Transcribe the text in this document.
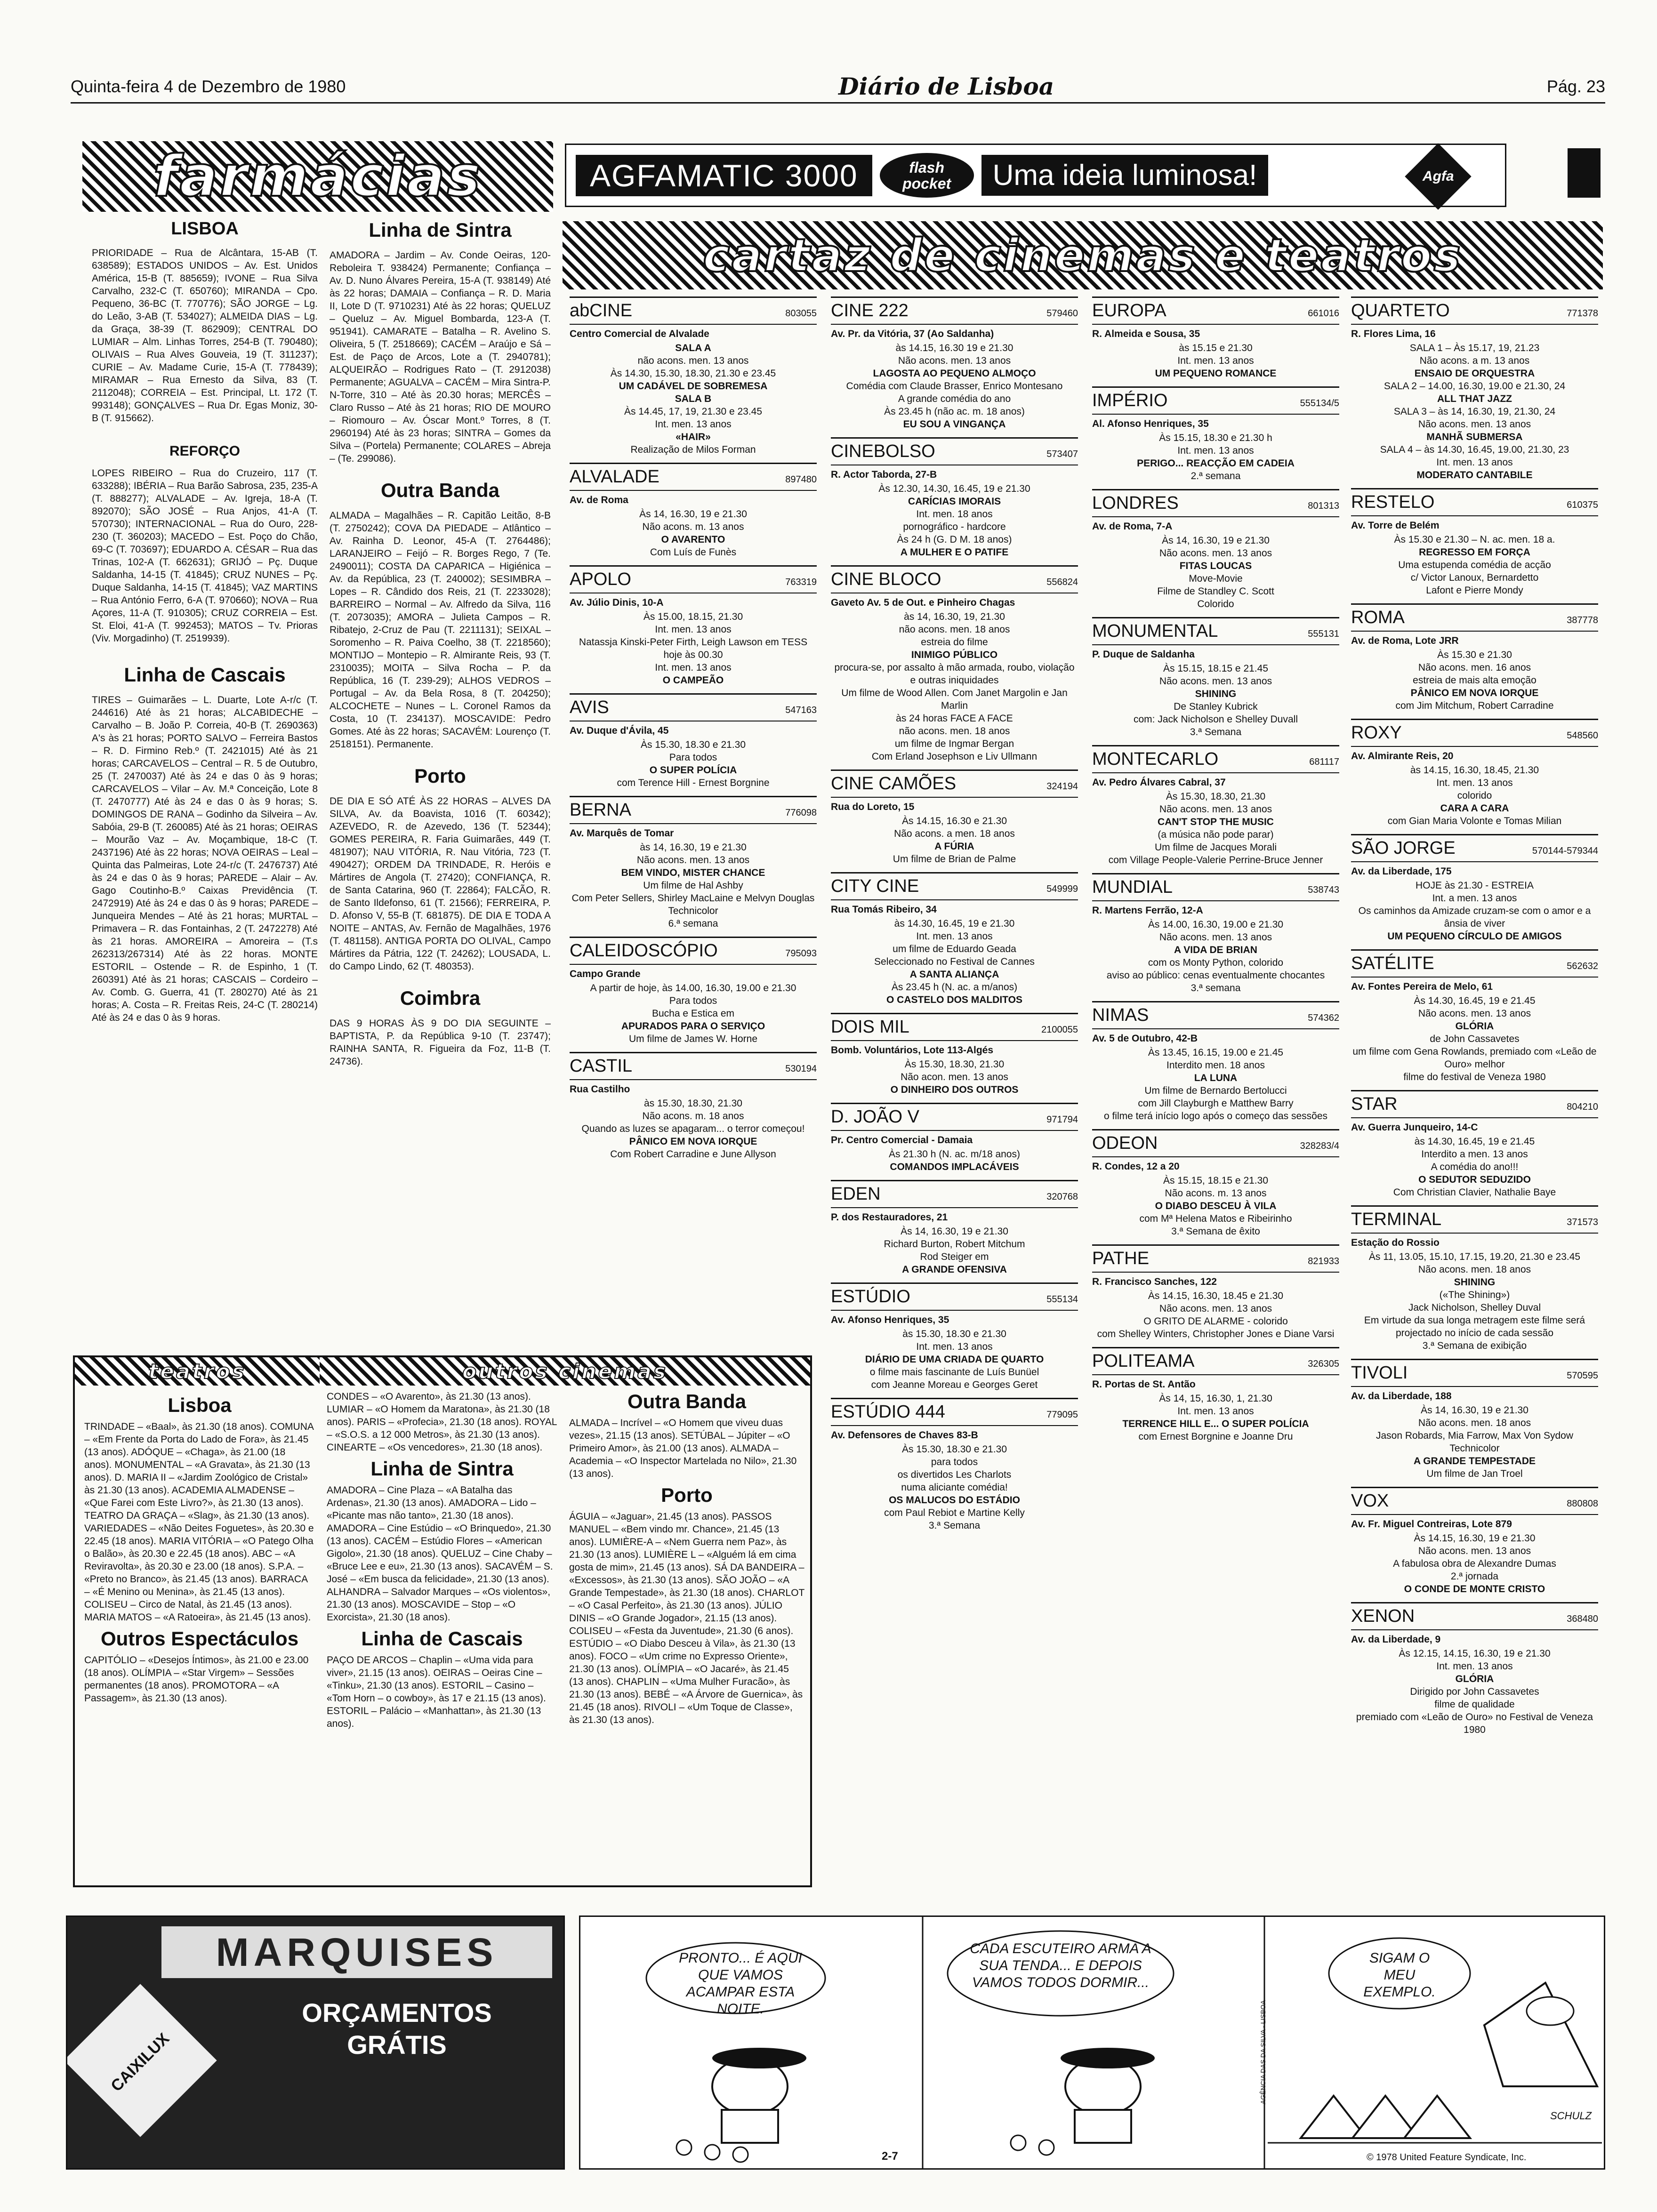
Quinta-feira 4 de Dezembro de 1980	Diário de Lisboa	Pág. 23
farmácias
LISBOA
PRIORIDADE – Rua de Alcântara, 15-AB (T. 638589); ESTADOS UNIDOS – Av. Est. Unidos América, 15-B (T. 885659); IVONE – Rua Silva Carvalho, 232-C (T. 650760); MIRANDA – Cpo. Pequeno, 36-BC (T. 770776); SÃO JORGE – Lg. do Leão, 3-AB (T. 534027); ALMEIDA DIAS – Lg. da Graça, 38-39 (T. 862909); CENTRAL DO LUMIAR – Alm. Linhas Torres, 254-B (T. 790480); OLIVAIS – Rua Alves Gouveia, 19 (T. 311237); CURIE – Av. Madame Curie, 15-A (T. 778439); MIRAMAR – Rua Ernesto da Silva, 83 (T. 2112048); CORREIA – Est. Principal, Lt. 172 (T. 993148); GONÇALVES – Rua Dr. Egas Moniz, 30-B (T. 915662).
REFORÇO
LOPES RIBEIRO – Rua do Cruzeiro, 117 (T. 633288); IBÉRIA – Rua Barão Sabrosa, 235, 235-A (T. 888277); ALVALADE – Av. Igreja, 18-A (T. 892070); SÃO JOSÉ – Rua Anjos, 41-A (T. 570730); INTERNACIONAL – Rua do Ouro, 228-230 (T. 360203); MACEDO – Est. Poço do Chão, 69-C (T. 703697); EDUARDO A. CÉSAR – Rua das Trinas, 102-A (T. 662631); GRIJÓ – Pç. Duque Saldanha, 14-15 (T. 41845); CRUZ NUNES – Pç. Duque Saldanha, 14-15 (T. 41845); VAZ MARTINS – Rua António Ferro, 6-A (T. 970660); NOVA – Rua Açores, 11-A (T. 910305); CRUZ CORREIA – Est. St. Eloi, 41-A (T. 992453); MATOS – Tv. Prioras (Viv. Morgadinho) (T. 2519939).
Linha de Cascais
TIRES – Guimarães – L. Duarte, Lote A-r/c (T. 244616) Até às 21 horas; ALCABIDECHE – Carvalho – B. João P. Correia, 40-B (T. 2690363) A's às 21 horas; PORTO SALVO – Ferreira Bastos – R. D. Firmino Reb.º (T. 2421015) Até às 21 horas; CARCAVELOS – Central – R. 5 de Outubro, 25 (T. 2470037) Até às 24 e das 0 às 9 horas; CARCAVELOS – Vilar – Av. M.ª Conceição, Lote 8 (T. 2470777) Até às 24 e das 0 às 9 horas; S. DOMINGOS DE RANA – Godinho da Silveira – Av. Sabóia, 29-B (T. 260085) Até às 21 horas; OEIRAS – Mourão Vaz – Av. Moçambique, 18-C (T. 2437196) Até às 22 horas; NOVA OEIRAS – Leal – Quinta das Palmeiras, Lote 24-r/c (T. 2476737) Até às 24 e das 0 às 9 horas; PAREDE – Alair – Av. Gago Coutinho-B.º Caixas Previdência (T. 2472919) Até às 24 e das 0 às 9 horas; PAREDE – Junqueira Mendes – Até às 21 horas; MURTAL – Primavera – R. das Fontainhas, 2 (T. 2472278) Até às 21 horas. AMOREIRA – Amoreira – (T.s 262313/267314) Até às 22 horas. MONTE ESTORIL – Ostende – R. de Espinho, 1 (T. 260391) Até às 21 horas; CASCAIS – Cordeiro – Av. Comb. G. Guerra, 41 (T. 280270) Até às 21 horas; A. Costa – R. Freitas Reis, 24-C (T. 280214) Até às 24 e das 0 às 9 horas.
Linha de Sintra
AMADORA – Jardim – Av. Conde Oeiras, 120-Reboleira T. 938424) Permanente; Confiança – Av. D. Nuno Álvares Pereira, 15-A (T. 938149) Até às 22 horas; DAMAIA – Confiança – R. D. Maria II, Lote D (T. 9710231) Até às 22 horas; QUELUZ – Queluz – Av. Miguel Bombarda, 123-A (T. 951941). CAMARATE – Batalha – R. Avelino S. Oliveira, 5 (T. 2518669); CACÉM – Araújo e Sá – Est. de Paço de Arcos, Lote a (T. 2940781); ALQUEIRÃO – Rodrigues Rato – (T. 2912038) Permanente; AGUALVA – CACÉM – Mira Sintra-P. N-Torre, 310 – Até às 20.30 horas; MERCÊS – Claro Russo – Até às 21 horas; RIO DE MOURO – Riomouro – Av. Óscar Mont.º Torres, 8 (T. 2960194) Até às 23 horas; SINTRA – Gomes da Silva – (Portela) Permanente; COLARES – Abreja – (Te. 299086).
Outra Banda
ALMADA – Magalhães – R. Capitão Leitão, 8-B (T. 2750242); COVA DA PIEDADE – Atlântico – Av. Rainha D. Leonor, 45-A (T. 2764486); LARANJEIRO – Feijó – R. Borges Rego, 7 (Te. 2490011); COSTA DA CAPARICA – Higiénica – Av. da República, 23 (T. 240002); SESIMBRA – Lopes – R. Cândido dos Reis, 21 (T. 2233028); BARREIRO – Normal – Av. Alfredo da Silva, 116 (T. 2073035); AMORA – Julieta Campos – R. Ribatejo, 2-Cruz de Pau (T. 2211131); SEIXAL – Soromenho – R. Paiva Coelho, 38 (T. 2218560); MONTIJO – Montepio – R. Almirante Reis, 93 (T. 2310035); MOITA – Silva Rocha – P. da República, 16 (T. 239-29); ALHOS VEDROS – Portugal – Av. da Bela Rosa, 8 (T. 204250); ALCOCHETE – Nunes – L. Coronel Ramos da Costa, 10 (T. 234137). MOSCAVIDE: Pedro Gomes. Até às 22 horas; SACAVÉM: Lourenço (T. 2518151). Permanente.
Porto
DE DIA E SÓ ATÉ ÀS 22 HORAS – ALVES DA SILVA, Av. da Boavista, 1016 (T. 60342); AZEVEDO, R. de Azevedo, 136 (T. 52344); GOMES PEREIRA, R. Faria Guimarães, 449 (T. 481907); NAU VITÓRIA, R. Nau Vitória, 723 (T. 490427); ORDEM DA TRINDADE, R. Heróis e Mártires de Angola (T. 27420); CONFIANÇA, R. de Santa Catarina, 960 (T. 22864); FALCÃO, R. de Santo Ildefonso, 61 (T. 21566); FERREIRA, P. D. Afonso V, 55-B (T. 681875). DE DIA E TODA A NOITE – ANTAS, Av. Fernão de Magalhães, 1976 (T. 481158). ANTIGA PORTA DO OLIVAL, Campo Mártires da Pátria, 122 (T. 24262); LOUSADA, L. do Campo Lindo, 62 (T. 480353).
Coimbra
DAS 9 HORAS ÀS 9 DO DIA SEGUINTE – BAPTISTA, P. da República 9-10 (T. 23747); RAINHA SANTA, R. Figueira da Foz, 11-B (T. 24736).
AGFAMATIC 3000	flash
pocket	Uma ideia luminosa!	Agfa
cartaz de cinemas e teatros
abCINE	803055
Centro Comercial de Alvalade
SALA A
não acons. men. 13 anos
Às 14.30, 15.30, 18.30, 21.30 e 23.45
UM CADÁVEL DE SOBREMESA
SALA B
Às 14.45, 17, 19, 21.30 e 23.45
Int. men. 13 anos
«HAIR»
Realização de Milos Forman
ALVALADE	897480
Av. de Roma
Às 14, 16.30, 19 e 21.30
Não acons. m. 13 anos
O AVARENTO
Com Luís de Funès
APOLO	763319
Av. Júlio Dinis, 10-A
Às 15.00, 18.15, 21.30
Int. men. 13 anos
Natassja Kinski-Peter Firth, Leigh Lawson em TESS
hoje às 00.30
Int. men. 13 anos
O CAMPEÃO
AVIS	547163
Av. Duque d'Ávila, 45
Às 15.30, 18.30 e 21.30
Para todos
O SUPER POLÍCIA
com Terence Hill - Ernest Borgnine
BERNA	776098
Av. Marquês de Tomar
às 14, 16.30, 19 e 21.30
Não acons. men. 13 anos
BEM VINDO, MISTER CHANCE
Um filme de Hal Ashby
Com Peter Sellers, Shirley MacLaine e Melvyn Douglas
Technicolor
6.ª semana
CALEIDOSCÓPIO	795093
Campo Grande
A partir de hoje, às 14.00, 16.30, 19.00 e 21.30
Para todos
Bucha e Estica em
APURADOS PARA O SERVIÇO
Um filme de James W. Horne
CASTIL	530194
Rua Castilho
às 15.30, 18.30, 21.30
Não acons. m. 18 anos
Quando as luzes se apagaram... o terror começou!
PÂNICO EM NOVA IORQUE
Com Robert Carradine e June Allyson
CINE 222	579460
Av. Pr. da Vitória, 37 (Ao Saldanha)
às 14.15, 16.30 19 e 21.30
Não acons. men. 13 anos
LAGOSTA AO PEQUENO ALMOÇO
Comédia com Claude Brasser, Enrico Montesano
A grande comédia do ano
Às 23.45 h (não ac. m. 18 anos)
EU SOU A VINGANÇA
CINEBOLSO	573407
R. Actor Taborda, 27-B
Às 12.30, 14.30, 16.45, 19 e 21.30
CARÍCIAS IMORAIS
Int. men. 18 anos
pornográfico - hardcore
Às 24 h (G. D M. 18 anos)
A MULHER E O PATIFE
CINE BLOCO	556824
Gaveto Av. 5 de Out. e Pinheiro Chagas
às 14, 16.30, 19, 21.30
não acons. men. 18 anos
estreia do filme
INIMIGO PÚBLICO
procura-se, por assalto à mão armada, roubo, violação e outras iniquidades
Um filme de Wood Allen. Com Janet Margolin e Jan Marlin
às 24 horas FACE A FACE
não acons. men. 18 anos
um filme de Ingmar Bergan
Com Erland Josephson e Liv Ullmann
CINE CAMÕES	324194
Rua do Loreto, 15
Às 14.15, 16.30 e 21.30
Não acons. a men. 18 anos
A FÚRIA
Um filme de Brian de Palme
CITY CINE	549999
Rua Tomás Ribeiro, 34
às 14.30, 16.45, 19 e 21.30
Int. men. 13 anos
um filme de Eduardo Geada
Seleccionado no Festival de Cannes
A SANTA ALIANÇA
Às 23.45 h (N. ac. a m/anos)
O CASTELO DOS MALDITOS
DOIS MIL	2100055
Bomb. Voluntários, Lote 113-Algés
Às 15.30, 18.30, 21.30
Não acon. men. 13 anos
O DINHEIRO DOS OUTROS
D. JOÃO V	971794
Pr. Centro Comercial - Damaia
Às 21.30 h (N. ac. m/18 anos)
COMANDOS IMPLACÁVEIS
EDEN	320768
P. dos Restauradores, 21
Às 14, 16.30, 19 e 21.30
Richard Burton, Robert Mitchum
Rod Steiger em
A GRANDE OFENSIVA
ESTÚDIO	555134
Av. Afonso Henriques, 35
às 15.30, 18.30 e 21.30
Int. men. 13 anos
DIÁRIO DE UMA CRIADA DE QUARTO
o filme mais fascinante de Luís Bunüel
com Jeanne Moreau e Georges Geret
ESTÚDIO 444	779095
Av. Defensores de Chaves 83-B
Às 15.30, 18.30 e 21.30
para todos
os divertidos Les Charlots
numa aliciante comédia!
OS MALUCOS DO ESTÁDIO
com Paul Rebiot e Martine Kelly
3.ª Semana
EUROPA	661016
R. Almeida e Sousa, 35
às 15.15 e 21.30
Int. men. 13 anos
UM PEQUENO ROMANCE
IMPÉRIO	555134/5
Al. Afonso Henriques, 35
Às 15.15, 18.30 e 21.30 h
Int. men. 13 anos
PERIGO... REACÇÃO EM CADEIA
2.ª semana
LONDRES	801313
Av. de Roma, 7-A
Às 14, 16.30, 19 e 21.30
Não acons. men. 13 anos
FITAS LOUCAS
Move-Movie
Filme de Standley C. Scott
Colorido
MONUMENTAL	555131
P. Duque de Saldanha
Às 15.15, 18.15 e 21.45
Não acons. men. 13 anos
SHINING
De Stanley Kubrick
com: Jack Nicholson e Shelley Duvall
3.ª Semana
MONTECARLO	681117
Av. Pedro Álvares Cabral, 37
Às 15.30, 18.30, 21.30
Não acons. men. 13 anos
CAN'T STOP THE MUSIC
(a música não pode parar)
Um filme de Jacques Morali
com Village People-Valerie Perrine-Bruce Jenner
MUNDIAL	538743
R. Martens Ferrão, 12-A
Às 14.00, 16.30, 19.00 e 21.30
Não acons. men. 13 anos
A VIDA DE BRIAN
com os Monty Python, colorido
aviso ao público: cenas eventualmente chocantes
3.ª semana
NIMAS	574362
Av. 5 de Outubro, 42-B
Às 13.45, 16.15, 19.00 e 21.45
Interdito men. 18 anos
LA LUNA
Um filme de Bernardo Bertolucci
com Jill Clayburgh e Matthew Barry
o filme terá início logo após o começo das sessões
ODEON	328283/4
R. Condes, 12 a 20
Às 15.15, 18.15 e 21.30
Não acons. m. 13 anos
O DIABO DESCEU À VILA
com Mª Helena Matos e Ribeirinho
3.ª Semana de êxito
PATHE	821933
R. Francisco Sanches, 122
Às 14.15, 16.30, 18.45 e 21.30
Não acons. men. 13 anos
O GRITO DE ALARME - colorido
com Shelley Winters, Christopher Jones e Diane Varsi
POLITEAMA	326305
R. Portas de St. Antão
Às 14, 15, 16.30, 1, 21.30
Int. men. 13 anos
TERRENCE HILL E... O SUPER POLÍCIA
com Ernest Borgnine e Joanne Dru
QUARTETO	771378
R. Flores Lima, 16
SALA 1 – Às 15.17, 19, 21.23
Não acons. a m. 13 anos
ENSAIO DE ORQUESTRA
SALA 2 – 14.00, 16.30, 19.00 e 21.30, 24
ALL THAT JAZZ
SALA 3 – às 14, 16.30, 19, 21.30, 24
Não acons. men. 13 anos
MANHÃ SUBMERSA
SALA 4 – às 14.30, 16.45, 19.00, 21.30, 23
Int. men. 13 anos
MODERATO CANTABILE
RESTELO	610375
Av. Torre de Belém
Às 15.30 e 21.30 – N. ac. men. 18 a.
REGRESSO EM FORÇA
Uma estupenda comédia de acção
c/ Victor Lanoux, Bernardetto
Lafont e Pierre Mondy
ROMA	387778
Av. de Roma, Lote JRR
Às 15.30 e 21.30
Não acons. men. 16 anos
estreia de mais alta emoção
PÂNICO EM NOVA IORQUE
com Jim Mitchum, Robert Carradine
ROXY	548560
Av. Almirante Reis, 20
às 14.15, 16.30, 18.45, 21.30
Int. men. 13 anos
colorido
CARA A CARA
com Gian Maria Volonte e Tomas Milian
SÃO JORGE	570144-579344
Av. da Liberdade, 175
HOJE às 21.30 - ESTREIA
Int. a men. 13 anos
Os caminhos da Amizade cruzam-se com o amor e a ânsia de viver
UM PEQUENO CÍRCULO DE AMIGOS
SATÉLITE	562632
Av. Fontes Pereira de Melo, 61
Às 14.30, 16.45, 19 e 21.45
Não acons. men. 13 anos
GLÓRIA
de John Cassavetes
um filme com Gena Rowlands, premiado com «Leão de Ouro» melhor
filme do festival de Veneza 1980
STAR	804210
Av. Guerra Junqueiro, 14-C
às 14.30, 16.45, 19 e 21.45
Interdito a men. 13 anos
A comédia do ano!!!
O SEDUTOR SEDUZIDO
Com Christian Clavier, Nathalie Baye
TERMINAL	371573
Estação do Rossio
Às 11, 13.05, 15.10, 17.15, 19.20, 21.30 e 23.45
Não acons. men. 18 anos
SHINING
(«The Shining»)
Jack Nicholson, Shelley Duval
Em virtude da sua longa metragem este filme será projectado no início de cada sessão
3.ª Semana de exibição
TIVOLI	570595
Av. da Liberdade, 188
Às 14, 16.30, 19 e 21.30
Não acons. men. 18 anos
Jason Robards, Mia Farrow, Max Von Sydow
Technicolor
A GRANDE TEMPESTADE
Um filme de Jan Troel
VOX	880808
Av. Fr. Miguel Contreiras, Lote 879
Às 14.15, 16.30, 19 e 21.30
Não acons. men. 13 anos
A fabulosa obra de Alexandre Dumas
2.ª jornada
O CONDE DE MONTE CRISTO
XENON	368480
Av. da Liberdade, 9
Às 12.15, 14.15, 16.30, 19 e 21.30
Int. men. 13 anos
GLÓRIA
Dirigido por John Cassavetes
filme de qualidade
premiado com «Leão de Ouro» no Festival de Veneza 1980
teatros	outros cinemas
Lisboa
TRINDADE – «Baal», às 21.30 (18 anos). COMUNA – «Em Frente da Porta do Lado de Fora», às 21.45 (13 anos). ADÓQUE – «Chaga», às 21.00 (18 anos). MONUMENTAL – «A Gravata», às 21.30 (13 anos). D. MARIA II – «Jardim Zoológico de Cristal» às 21.30 (13 anos). ACADEMIA ALMADENSE – «Que Farei com Este Livro?», às 21.30 (13 anos). TEATRO DA GRAÇA – «Slag», às 21.30 (13 anos). VARIEDADES – «Não Deites Foguetes», às 20.30 e 22.45 (18 anos). MARIA VITÓRIA – «O Patego Olha o Balão», às 20.30 e 22.45 (18 anos). ABC – «A Reviravolta», às 20.30 e 23.00 (18 anos). S.P.A. – «Preto no Branco», às 21.45 (13 anos). BARRACA – «É Menino ou Menina», às 21.45 (13 anos). COLISEU – Circo de Natal, às 21.45 (13 anos). MARIA MATOS – «A Ratoeira», às 21.45 (13 anos).
Outros Espectáculos
CAPITÓLIO – «Desejos Íntimos», às 21.00 e 23.00 (18 anos). OLÍMPIA – «Star Virgem» – Sessões permanentes (18 anos). PROMOTORA – «A Passagem», às 21.30 (13 anos).
CONDES – «O Avarento», às 21.30 (13 anos). LUMIAR – «O Homem da Maratona», às 21.30 (18 anos). PARIS – «Profecia», 21.30 (18 anos). ROYAL – «S.O.S. a 12 000 Metros», às 21.30 (13 anos). CINEARTE – «Os vencedores», 21.30 (18 anos).
Linha de Sintra
AMADORA – Cine Plaza – «A Batalha das Ardenas», 21.30 (13 anos). AMADORA – Lido – «Picante mas não tanto», 21.30 (18 anos). AMADORA – Cine Estúdio – «O Brinquedo», 21.30 (13 anos). CACÉM – Estúdio Flores – «American Gigolo», 21.30 (18 anos). QUELUZ – Cine Chaby – «Bruce Lee e eu», 21.30 (13 anos). SACAVÉM – S. José – «Em busca da felicidade», 21.30 (13 anos). ALHANDRA – Salvador Marques – «Os violentos», 21.30 (13 anos). MOSCAVIDE – Stop – «O Exorcista», 21.30 (18 anos).
Linha de Cascais
PAÇO DE ARCOS – Chaplin – «Uma vida para viver», 21.15 (13 anos). OEIRAS – Oeiras Cine – «Tinku», 21.30 (13 anos). ESTORIL – Casino – «Tom Horn – o cowboy», às 17 e 21.15 (13 anos). ESTORIL – Palácio – «Manhattan», às 21.30 (13 anos).
Outra Banda
ALMADA – Incrível – «O Homem que viveu duas vezes», 21.15 (13 anos). SETÚBAL – Júpiter – «O Primeiro Amor», às 21.00 (13 anos). ALMADA – Academia – «O Inspector Martelada no Nilo», 21.30 (13 anos).
Porto
ÁGUIA – «Jaguar», 21.45 (13 anos). PASSOS MANUEL – «Bem vindo mr. Chance», 21.45 (13 anos). LUMIÈRE-A – «Nem Guerra nem Paz», às 21.30 (13 anos). LUMIÈRE L – «Alguém lá em cima gosta de mim», 21.45 (13 anos). SÁ DA BANDEIRA – «Excessos», às 21.30 (13 anos). SÃO JOÃO – «A Grande Tempestade», às 21.30 (18 anos). CHARLOT – «O Casal Perfeito», às 21.30 (13 anos). JÚLIO DINIS – «O Grande Jogador», 21.15 (13 anos). COLISEU – «Festa da Juventude», 21.30 (6 anos). ESTÚDIO – «O Diabo Desceu à Vila», às 21.30 (13 anos). FOCO – «Um crime no Expresso Oriente», 21.30 (13 anos). OLÍMPIA – «O Jacaré», às 21.45 (13 anos). CHAPLIN – «Uma Mulher Furacão», às 21.30 (13 anos). BEBÉ – «A Árvore de Guernica», às 21.45 (18 anos). RIVOLI – «Um Toque de Classe», às 21.30 (13 anos).
MARQUISES
CAIXILUX
ORÇAMENTOS GRÁTIS
PRONTO... É AQUI QUE VAMOS ACAMPAR ESTA NOITE.
CADA ESCUTEIRO ARMA A SUA TENDA... E DEPOIS VAMOS TODOS DORMIR...
SIGAM O MEU EXEMPLO.
© 1978 United Feature Syndicate, Inc.
2-7
SCHULZ
AGÊNCIA DAS DA SILVA - LISBOA
